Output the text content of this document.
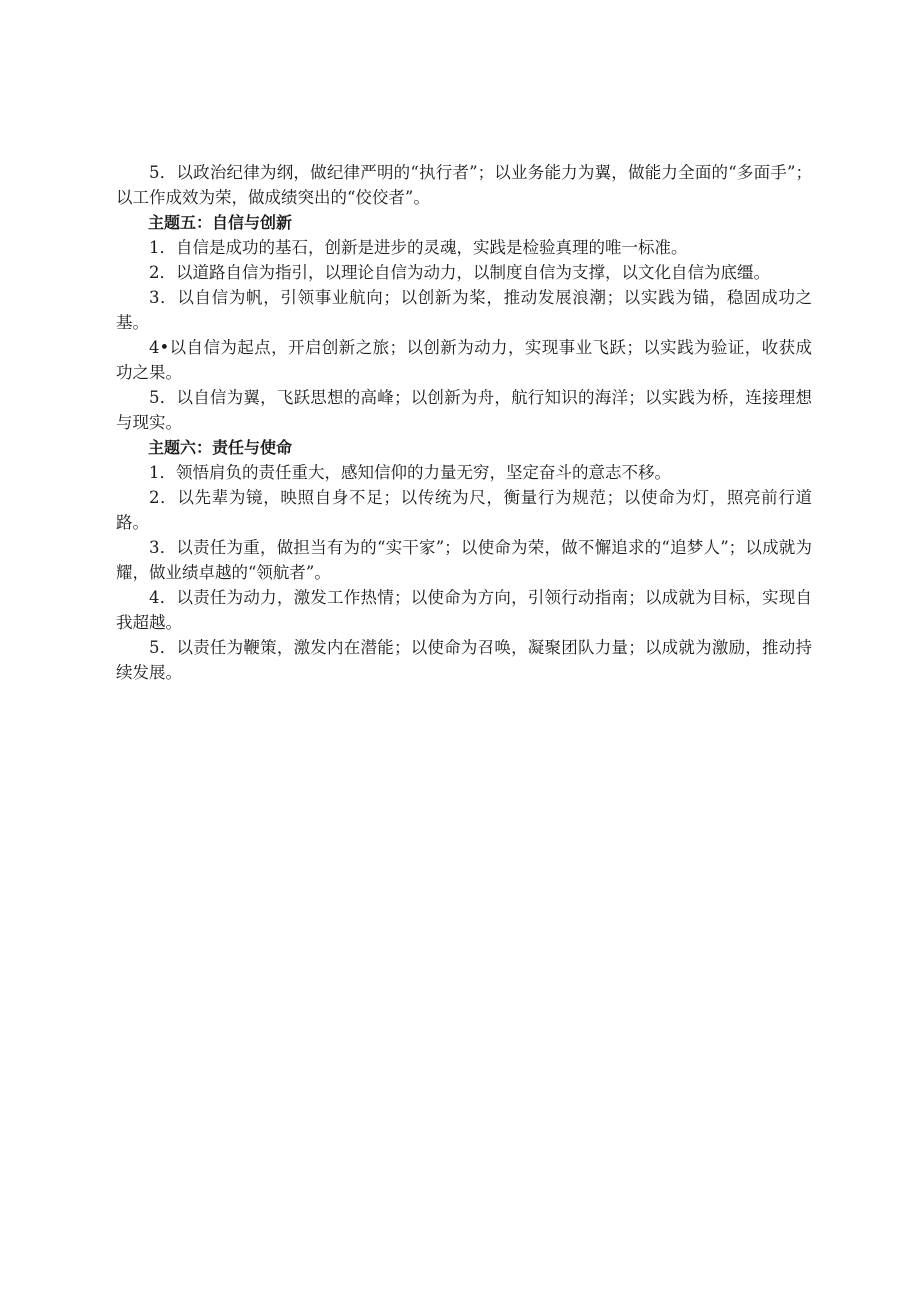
5．以政治纪律为纲，做纪律严明的“执行者”；以业务能力为翼，做能力全面的“多面手”；以工作成效为荣，做成绩突出的“佼佼者”。

主题五：自信与创新

1．自信是成功的基石，创新是进步的灵魂，实践是检验真理的唯一标准。

2．以道路自信为指引，以理论自信为动力，以制度自信为支撑，以文化自信为底缰。

3．以自信为帆，引领事业航向；以创新为桨，推动发展浪潮；以实践为锚，稳固成功之基。

4•以自信为起点，开启创新之旅；以创新为动力，实现事业飞跃；以实践为验证，收获成功之果。

5．以自信为翼，飞跃思想的高峰；以创新为舟，航行知识的海洋；以实践为桥，连接理想与现实。

主题六：责任与使命

1．领悟肩负的责任重大，感知信仰的力量无穷，坚定奋斗的意志不移。

2．以先辈为镜，映照自身不足；以传统为尺，衡量行为规范；以使命为灯，照亮前行道路。

3．以责任为重，做担当有为的“实干家”；以使命为荣，做不懈追求的“追梦人”；以成就为耀，做业绩卓越的“领航者”。

4．以责任为动力，激发工作热情；以使命为方向，引领行动指南；以成就为目标，实现自我超越。

5．以责任为鞭策，激发内在潜能；以使命为召唤，凝聚团队力量；以成就为激励，推动持续发展。
